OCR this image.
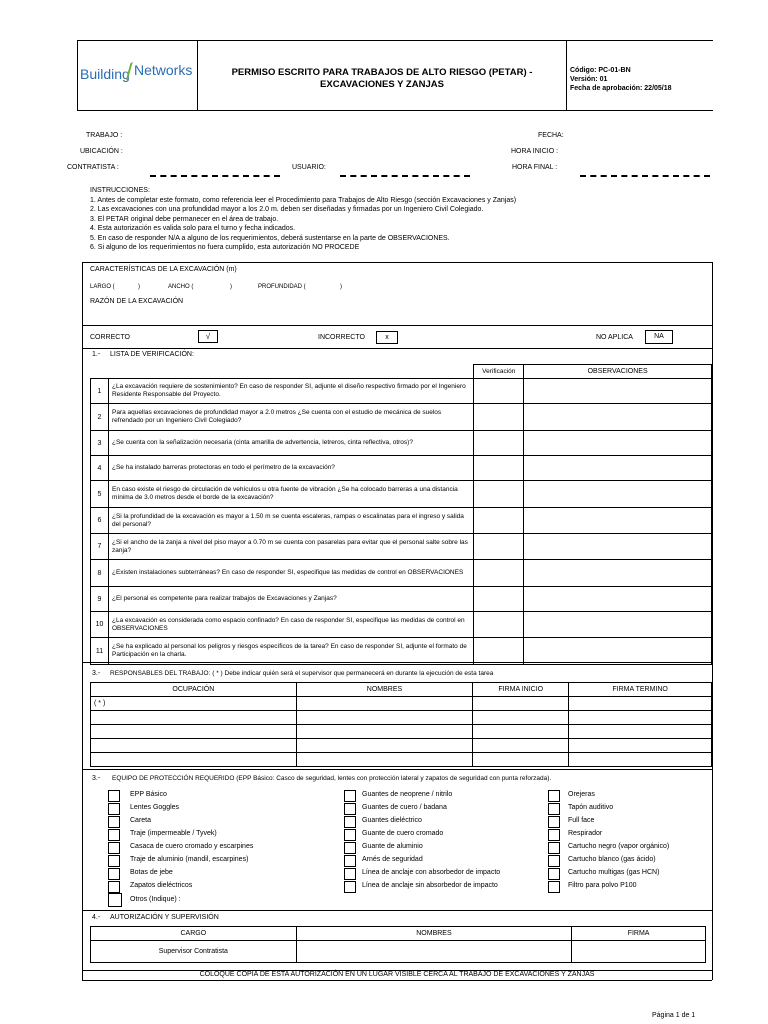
Building Networks	PERMISO ESCRITO PARA TRABAJOS DE ALTO RIESGO (PETAR) -
EXCAVACIONES Y ZANJAS
Código: PC-01-BN
Versión: 01
Fecha de aprobación: 22/05/18
TRABAJO :
UBICACIÓN :
CONTRATISTA :	USUARIO:
FECHA:
HORA INICIO :
HORA FINAL :
INSTRUCCIONES:
1. Antes de completar este formato, como referencia leer el Procedimiento para Trabajos de Alto Riesgo (sección Excavaciones y Zanjas)
2. Las excavaciones con una profundidad mayor a los 2.0 m. deben ser diseñadas y firmadas por un Ingeniero Civil Colegiado.
3. El PETAR original debe permanecer en el área de trabajo.
4. Esta autorización es valida solo para el turno y fecha indicados.
5. En caso de responder N/A a alguno de los requerimientos, deberá sustentarse en la parte de OBSERVACIONES.
6. Si alguno de los requerimientos no fuera cumplido, esta autorización NO PROCEDE
CARACTERÍSTICAS DE LA EXCAVACIÓN (m)
LARGO (	)	ANCHO (	)	PROFUNDIDAD (	)
RAZÓN DE LA EXCAVACIÓN
CORRECTO	√	INCORRECTO	x	NO APLICA	NA
1.- LISTA DE VERIFICACIÓN:
		Verificación	OBSERVACIONES
1	¿La excavación requiere de sostenimiento? En caso de responder SI, adjunte el diseño respectivo firmado por el Ingeniero Residente Responsable del Proyecto.		
2	Para aquellas excavaciones de profundidad mayor a 2.0 metros ¿Se cuenta con el estudio de mecánica de suelos refrendado por un Ingeniero Civil Colegiado?		
3	¿Se cuenta con la señalización necesaria (cinta amarilla de advertencia, letreros, cinta reflectiva, otros)?		
4	¿Se ha instalado barreras protectoras en todo el perímetro de la excavación?		
5	En caso existe el riesgo de circulación de vehículos u otra fuente de vibración ¿Se ha colocado barreras a una distancia mínima de 3.0 metros desde el borde de la excavación?		
6	¿Si la profundidad de la excavación es mayor a 1.50 m se cuenta escaleras, rampas o escalinatas para el ingreso y salida del personal?		
7	¿Si el ancho de la zanja a nivel del piso mayor a 0.70 m se cuenta con pasarelas para evitar que el personal salte sobre las zanja?		
8	¿Existen instalaciones subterráneas? En caso de responder SI, especifique las medidas de control en OBSERVACIONES		
9	¿El personal es competente para realizar trabajos de Excavaciones y Zanjas?		
10	¿La excavación es considerada como espacio confinado? En caso de responder SI, especifique las medidas de control en OBSERVACIONES		
11	¿Se ha explicado al personal los peligros y riesgos específicos de la tarea? En caso de responder SI, adjunte el formato de Participación en la charla.		
3.- RESPONSABLES DEL TRABAJO: ( * ) Debe indicar quién será el supervisor que permanecerá en durante la ejecución de esta tarea
OCUPACIÓN	NOMBRES	FIRMA INICIO	FIRMA TERMINO
( * )			

3.- EQUIPO DE PROTECCIÓN REQUERIDO (EPP Básico: Casco de seguridad, lentes con protección lateral y zapatos de seguridad con punta reforzada).
EPP Básico
Lentes Goggles
Careta
Traje (impermeable / Tyvek)
Casaca de cuero cromado y escarpines
Traje de aluminio (mandil, escarpines)
Botas de jebe
Zapatos dieléctricos
Guantes de neoprene / nitrilo
Guantes de cuero / badana
Guantes dieléctrico
Guante de cuero cromado
Guante de aluminio
Arnés de seguridad
Línea de anclaje con absorbedor de impacto
Línea de anclaje sin absorbedor de impacto
Orejeras
Tapón auditivo
Full face
Respirador
Cartucho negro (vapor orgánico)
Cartucho blanco (gas ácido)
Cartucho multigas (gas HCN)
Filtro para polvo P100
Otros (Indique) :
4.- AUTORIZACIÓN Y SUPERVISIÓN
CARGO	NOMBRES	FIRMA
Supervisor Contratista		
COLOQUE COPIA DE ESTA AUTORIZACIÓN EN UN LUGAR VISIBLE CERCA AL TRABAJO DE EXCAVACIONES Y ZANJAS
Página 1 de 1
